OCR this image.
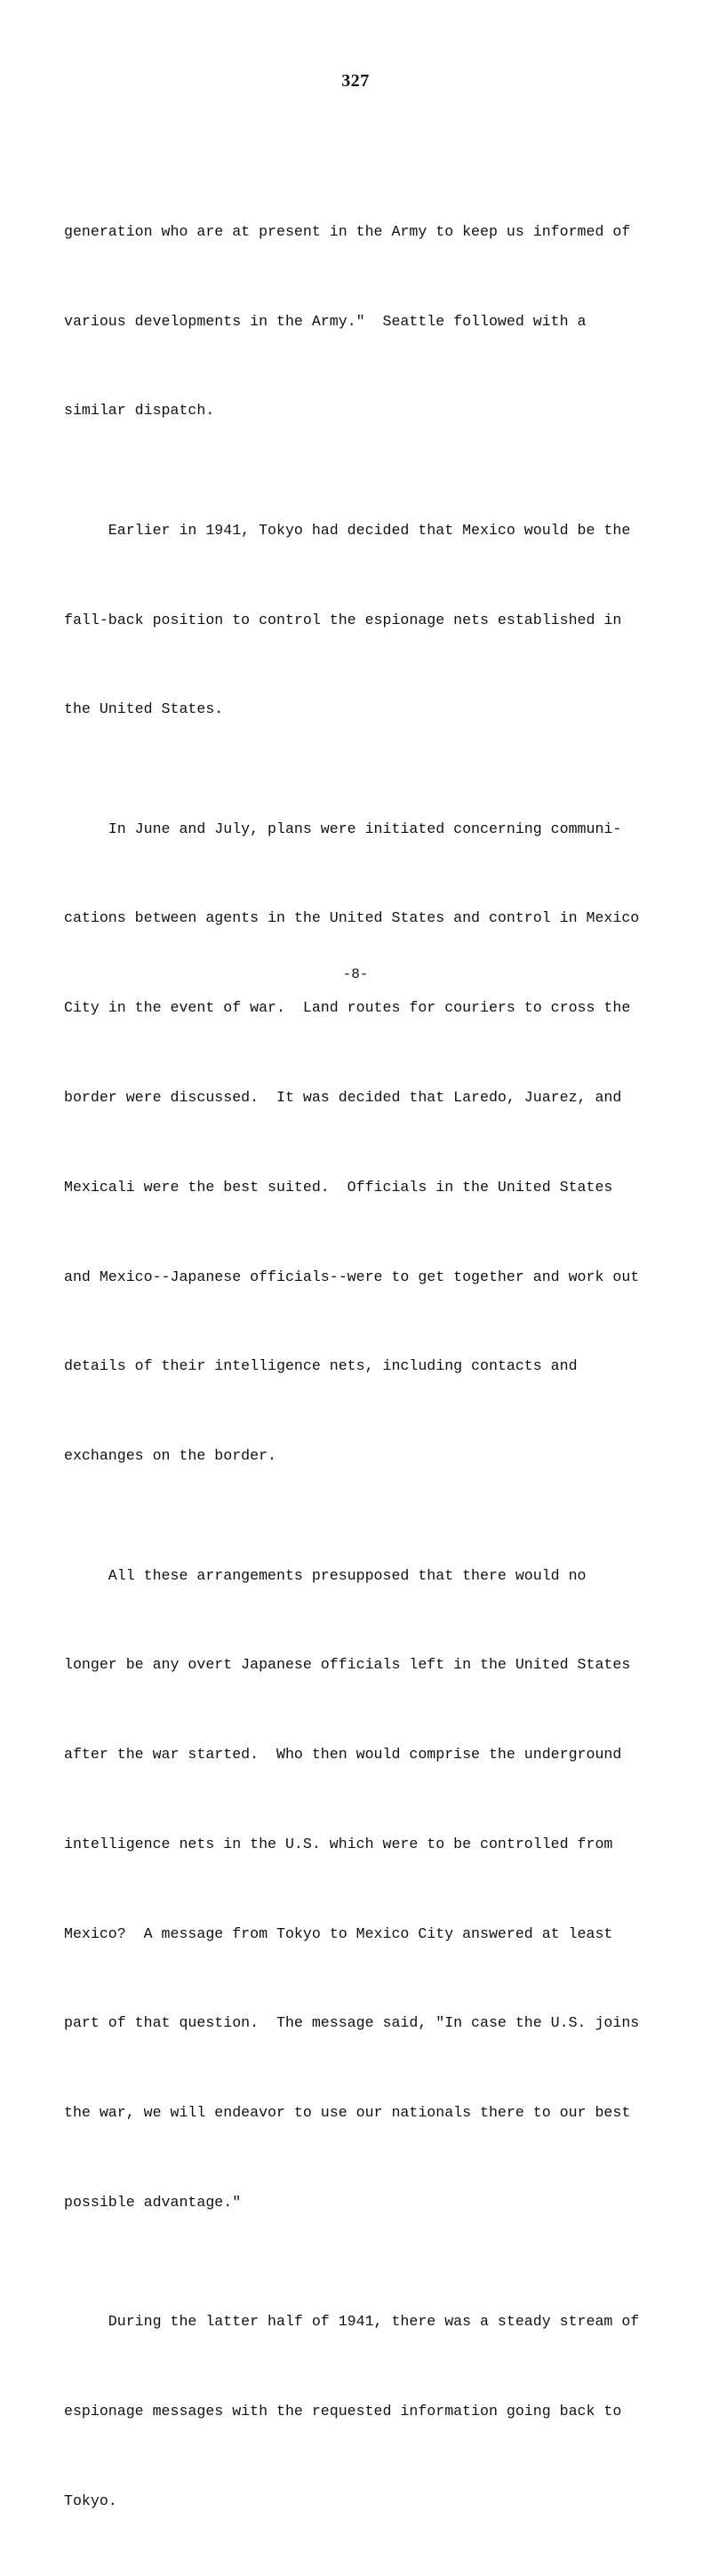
327

generation who are at present in the Army to keep us informed of

various developments in the Army."  Seattle followed with a

similar dispatch.

Earlier in 1941, Tokyo had decided that Mexico would be the

fall-back position to control the espionage nets established in

the United States.

In June and July, plans were initiated concerning communi-

cations between agents in the United States and control in Mexico

City in the event of war.  Land routes for couriers to cross the

border were discussed.  It was decided that Laredo, Juarez, and

Mexicali were the best suited.  Officials in the United States

and Mexico--Japanese officials--were to get together and work out

details of their intelligence nets, including contacts and

exchanges on the border.

All these arrangements presupposed that there would no

longer be any overt Japanese officials left in the United States

after the war started.  Who then would comprise the underground

intelligence nets in the U.S. which were to be controlled from

Mexico?  A message from Tokyo to Mexico City answered at least

part of that question.  The message said, "In case the U.S. joins

the war, we will endeavor to use our nationals there to our best

possible advantage."

During the latter half of 1941, there was a steady stream of

espionage messages with the requested information going back to

Tokyo.

-8-
